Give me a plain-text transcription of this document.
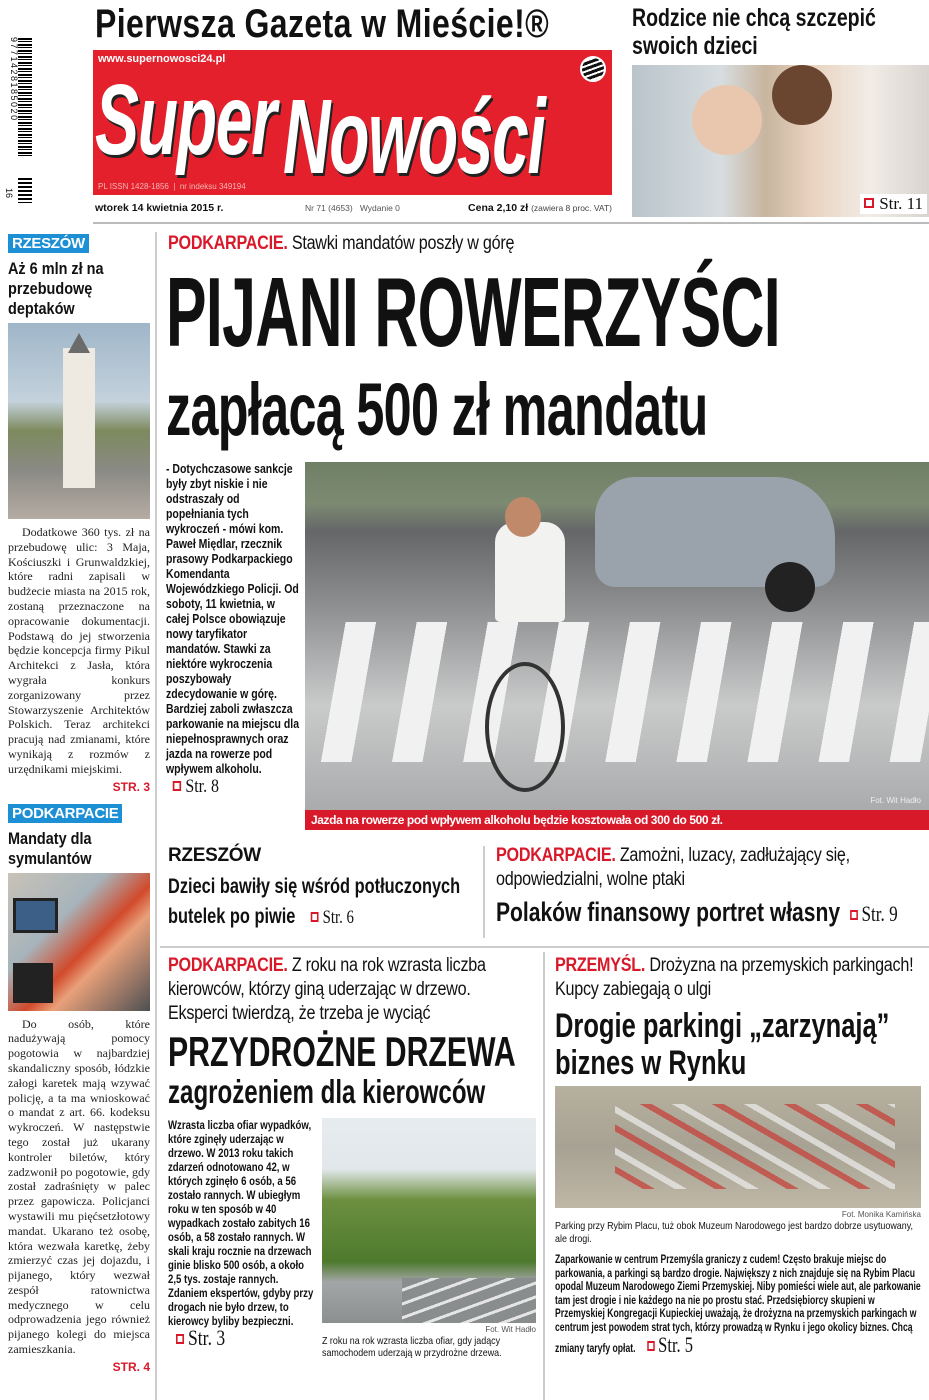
9771428185020
16
Pierwsza Gazeta w Mieście!®
www.supernowosci24.pl
Super Nowości
PL ISSN 1428-1856  |  nr indeksu 349194
wtorek 14 kwietnia 2015 r.	Nr 71 (4653) Wydanie 0	Cena 2,10 zł (zawiera 8 proc. VAT)
Rodzice nie chcą szczepić swoich dzieci
Str. 11
RZESZÓW
Aż 6 mln zł na przebudowę deptaków
Dodatkowe 360 tys. zł na przebudowę ulic: 3 Maja, Kościuszki i Grunwaldzkiej, które radni zapisali w budżecie miasta na 2015 rok, zostaną przeznaczone na opracowanie dokumentacji. Podstawą do jej stworzenia będzie koncepcja firmy Pikul Architekci z Jasła, która wygrała konkurs zorganizowany przez Stowarzyszenie Architektów Polskich. Teraz architekci pracują nad zmianami, które wynikają z rozmów z urzędnikami miejskimi.
STR. 3
PODKARPACIE
Mandaty dla symulantów
Do osób, które nadużywają pomocy pogotowia w najbardziej skandaliczny sposób, łódzkie załogi karetek mają wzywać policję, a ta ma wnioskować o mandat z art. 66. kodeksu wykroczeń. W następstwie tego został już ukarany kontroler biletów, który zadzwonił po pogotowie, gdy został zadraśnięty w palec przez gapowicza. Policjanci wystawili mu pięćsetzłotowy mandat. Ukarano też osobę, która wezwała karetkę, żeby zmierzyć czas jej dojazdu, i pijanego, który wezwał zespół ratownictwa medycznego w celu odprowadzenia jego również pijanego kolegi do miejsca zamieszkania.
STR. 4
PODKARPACIE. Stawki mandatów poszły w górę
PIJANI ROWERZYŚCI
zapłacą 500 zł mandatu
- Dotychczasowe sankcje były zbyt niskie i nie odstraszały od popełniania tych wykroczeń - mówi kom. Paweł Międlar, rzecznik prasowy Podkarpackiego Komendanta Wojewódzkiego Policji. Od soboty, 11 kwietnia, w całej Polsce obowiązuje nowy taryfikator mandatów. Stawki za niektóre wykroczenia poszybowały zdecydowanie w górę. Bardziej zaboli zwłaszcza parkowanie na miejscu dla niepełnosprawnych oraz jazda na rowerze pod wpływem alkoholu. Str. 8
Fot. Wit Hadło
Jazda na rowerze pod wpływem alkoholu będzie kosztowała od 300 do 500 zł.
RZESZÓW
Dzieci bawiły się wśród potłuczonych butelek po piwie Str. 6
PODKARPACIE. Zamożni, luzacy, zadłużający się, odpowiedzialni, wolne ptaki
Polaków finansowy portret własny Str. 9
PODKARPACIE. Z roku na rok wzrasta liczba kierowców, którzy giną uderzając w drzewo. Eksperci twierdzą, że trzeba je wyciąć
PRZYDROŻNE DRZEWA
zagrożeniem dla kierowców
Wzrasta liczba ofiar wypadków, które zginęły uderzając w drzewo. W 2013 roku takich zdarzeń odnotowano 42, w których zginęło 6 osób, a 56 zostało rannych. W ubiegłym roku w ten sposób w 40 wypadkach zostało zabitych 16 osób, a 58 zostało rannych. W skali kraju rocznie na drzewach ginie blisko 500 osób, a około 2,5 tys. zostaje rannych. Zdaniem ekspertów, gdyby przy drogach nie było drzew, to kierowcy byliby bezpieczni. Str. 3	Fot. Wit Hadło
Z roku na rok wzrasta liczba ofiar, gdy jadący samochodem uderzają w przydrożne drzewa.
PRZEMYŚL. Drożyzna na przemyskich parkingach! Kupcy zabiegają o ulgi
Drogie parkingi „zarzynają” biznes w Rynku
Fot. Monika Kamińska
Parking przy Rybim Placu, tuż obok Muzeum Narodowego jest bardzo dobrze usytuowany, ale drogi.
Zaparkowanie w centrum Przemyśla graniczy z cudem! Często brakuje miejsc do parkowania, a parkingi są bardzo drogie. Największy z nich znajduje się na Rybim Placu opodal Muzeum Narodowego Ziemi Przemyskiej. Niby pomieści wiele aut, ale parkowanie tam jest drogie i nie każdego na nie po prostu stać. Przedsiębiorcy skupieni w Przemyskiej Kongregacji Kupieckiej uważają, że drożyzna na przemyskich parkingach w centrum jest powodem strat tych, którzy prowadzą w Rynku i jego okolicy biznes. Chcą zmiany taryfy opłat. Str. 5
